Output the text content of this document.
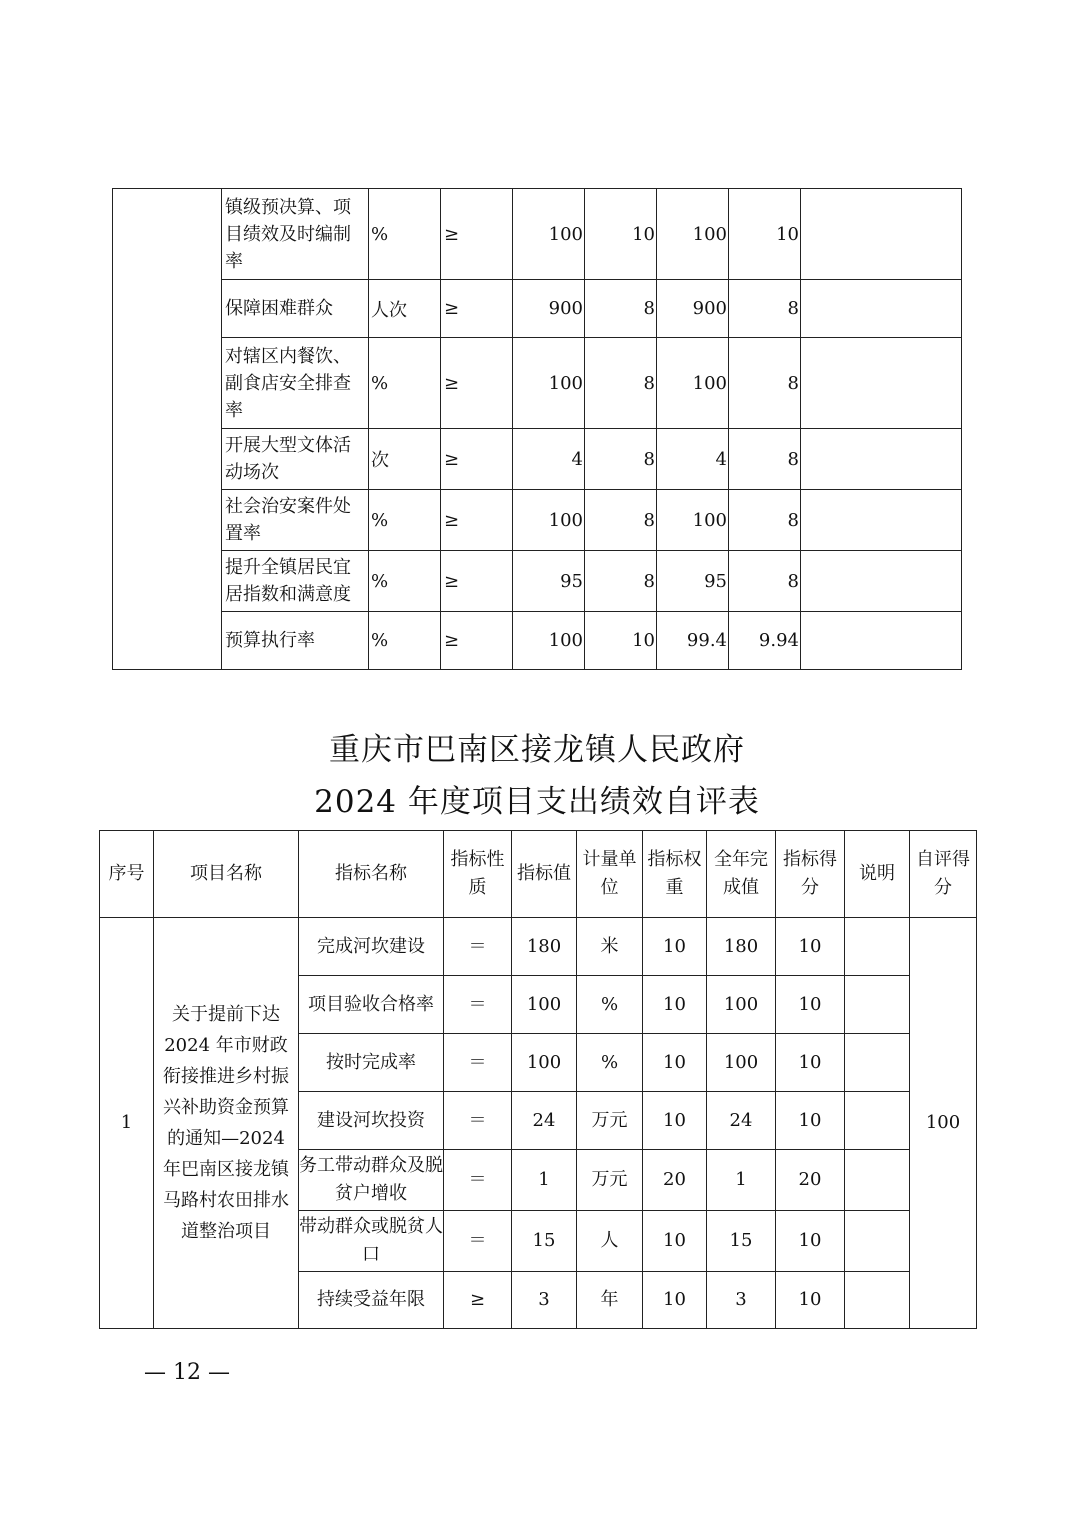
	镇级预决算、项目绩效及时编制率	%	≥	100	10	100	10	
	保障困难群众	人次	≥	900	8	900	8	
	对辖区内餐饮、副食店安全排查率	%	≥	100	8	100	8	
	开展大型文体活动场次	次	≥	4	8	4	8	
	社会治安案件处置率	%	≥	100	8	100	8	
	提升全镇居民宜居指数和满意度	%	≥	95	8	95	8	
	预算执行率	%	≥	100	10	99.4	9.94	
重庆市巴南区接龙镇人民政府
2024 年度项目支出绩效自评表
序号	项目名称	指标名称	指标性质	指标值	计量单位	指标权重	全年完成值	指标得分	说明	自评得分
1	关于提前下达2024 年市财政衔接推进乡村振兴补助资金预算的通知—2024 年巴南区接龙镇马路村农田排水道整治项目	完成河坎建设	＝	180	米	10	180	10		100
		项目验收合格率	＝	100	%	10	100	10		
		按时完成率	＝	100	%	10	100	10		
		建设河坎投资	＝	24	万元	10	24	10		
		务工带动群众及脱贫户增收	＝	1	万元	20	1	20		
		带动群众或脱贫人口	＝	15	人	10	15	10		
		持续受益年限	≥	3	年	10	3	10		
— 12 —
